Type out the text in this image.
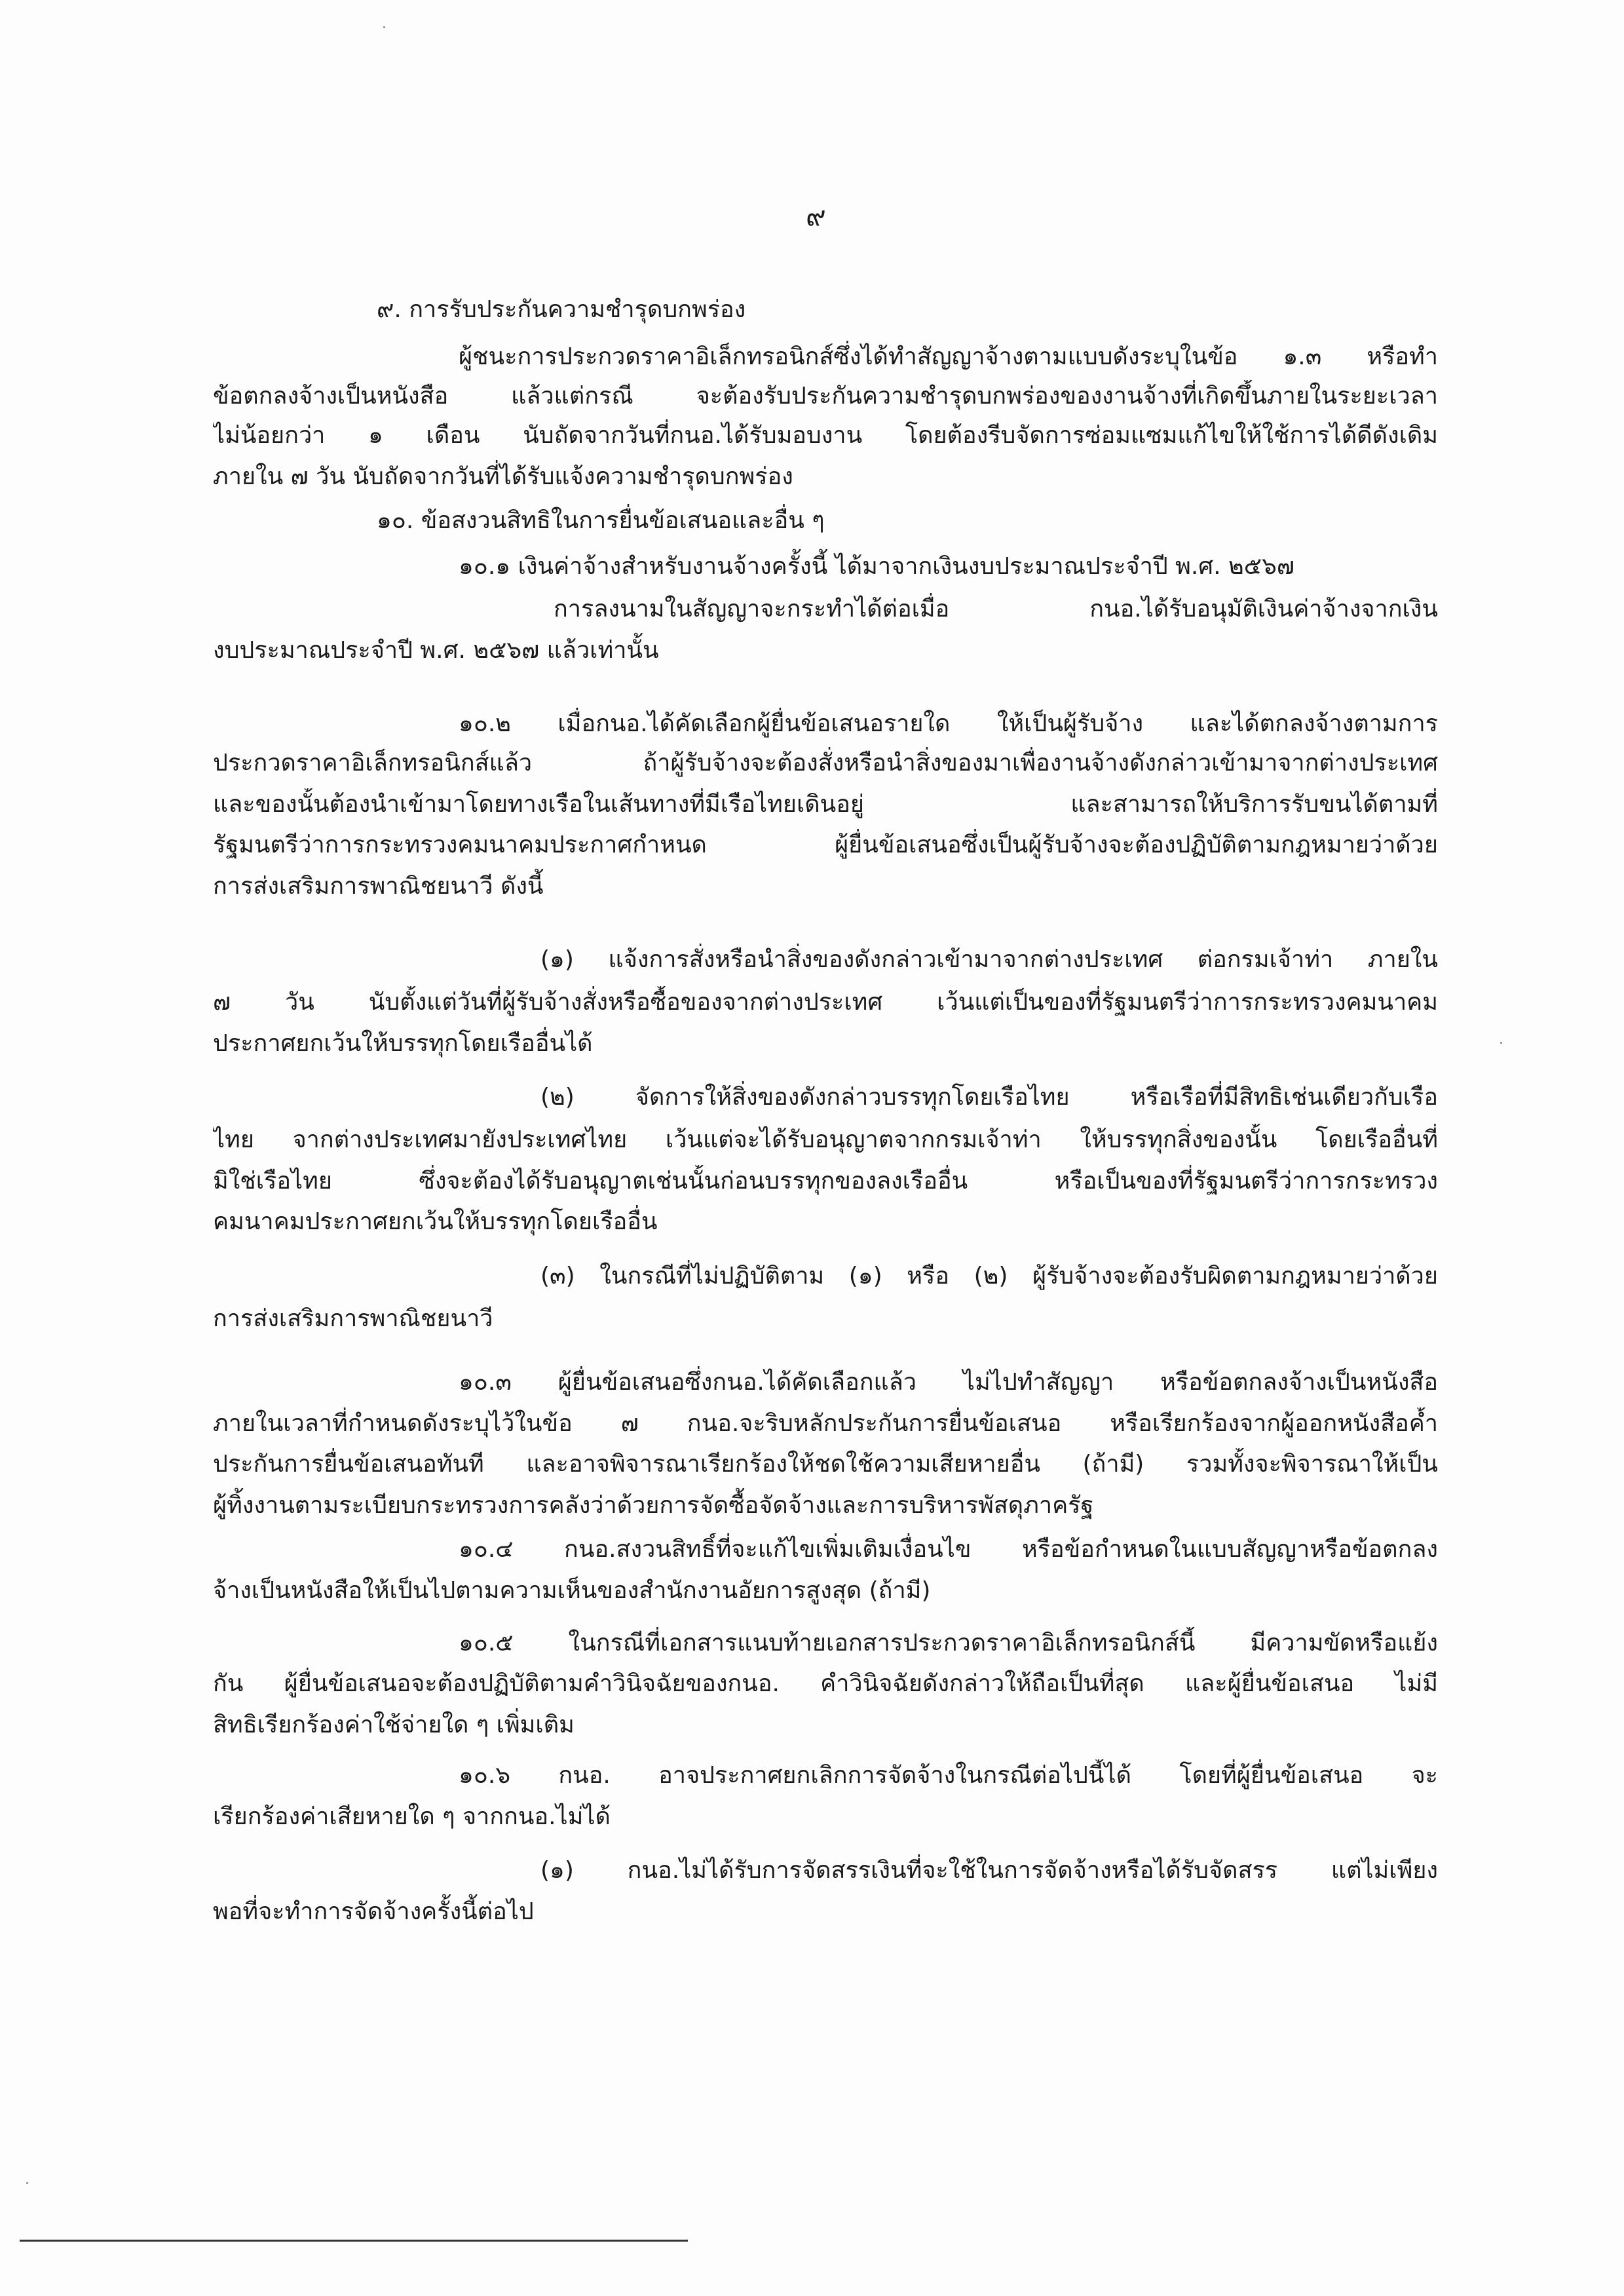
๙
๙. การรับประกันความชำรุดบกพร่อง
ผู้ชนะการประกวดราคาอิเล็กทรอนิกส์ซึ่งได้ทำสัญญาจ้างตามแบบดังระบุในข้อ ๑.๓ หรือทำ
ข้อตกลงจ้างเป็นหนังสือ แล้วแต่กรณี จะต้องรับประกันความชำรุดบกพร่องของงานจ้างที่เกิดขึ้นภายในระยะเวลา
ไม่น้อยกว่า ๑ เดือน นับถัดจากวันที่กนอ.ได้รับมอบงาน โดยต้องรีบจัดการซ่อมแซมแก้ไขให้ใช้การได้ดีดังเดิม
ภายใน ๗ วัน นับถัดจากวันที่ได้รับแจ้งความชำรุดบกพร่อง
๑๐. ข้อสงวนสิทธิในการยื่นข้อเสนอและอื่น ๆ
๑๐.๑ เงินค่าจ้างสำหรับงานจ้างครั้งนี้ ได้มาจากเงินงบประมาณประจำปี พ.ศ. ๒๕๖๗
การลงนามในสัญญาจะกระทำได้ต่อเมื่อ กนอ.ได้รับอนุมัติเงินค่าจ้างจากเงิน
งบประมาณประจำปี พ.ศ. ๒๕๖๗ แล้วเท่านั้น
๑๐.๒ เมื่อกนอ.ได้คัดเลือกผู้ยื่นข้อเสนอรายใด ให้เป็นผู้รับจ้าง และได้ตกลงจ้างตามการ
ประกวดราคาอิเล็กทรอนิกส์แล้ว ถ้าผู้รับจ้างจะต้องสั่งหรือนำสิ่งของมาเพื่องานจ้างดังกล่าวเข้ามาจากต่างประเทศ
และของนั้นต้องนำเข้ามาโดยทางเรือในเส้นทางที่มีเรือไทยเดินอยู่ และสามารถให้บริการรับขนได้ตามที่
รัฐมนตรีว่าการกระทรวงคมนาคมประกาศกำหนด ผู้ยื่นข้อเสนอซึ่งเป็นผู้รับจ้างจะต้องปฏิบัติตามกฎหมายว่าด้วย
การส่งเสริมการพาณิชยนาวี ดังนี้
(๑) แจ้งการสั่งหรือนำสิ่งของดังกล่าวเข้ามาจากต่างประเทศ ต่อกรมเจ้าท่า ภายใน
๗ วัน นับตั้งแต่วันที่ผู้รับจ้างสั่งหรือซื้อของจากต่างประเทศ เว้นแต่เป็นของที่รัฐมนตรีว่าการกระทรวงคมนาคม
ประกาศยกเว้นให้บรรทุกโดยเรืออื่นได้
(๒) จัดการให้สิ่งของดังกล่าวบรรทุกโดยเรือไทย หรือเรือที่มีสิทธิเช่นเดียวกับเรือ
ไทย จากต่างประเทศมายังประเทศไทย เว้นแต่จะได้รับอนุญาตจากกรมเจ้าท่า ให้บรรทุกสิ่งของนั้น โดยเรืออื่นที่
มิใช่เรือไทย ซึ่งจะต้องได้รับอนุญาตเช่นนั้นก่อนบรรทุกของลงเรืออื่น หรือเป็นของที่รัฐมนตรีว่าการกระทรวง
คมนาคมประกาศยกเว้นให้บรรทุกโดยเรืออื่น
(๓) ในกรณีที่ไม่ปฏิบัติตาม (๑) หรือ (๒) ผู้รับจ้างจะต้องรับผิดตามกฎหมายว่าด้วย
การส่งเสริมการพาณิชยนาวี
๑๐.๓ ผู้ยื่นข้อเสนอซึ่งกนอ.ได้คัดเลือกแล้ว ไม่ไปทำสัญญา หรือข้อตกลงจ้างเป็นหนังสือ
ภายในเวลาที่กำหนดดังระบุไว้ในข้อ ๗ กนอ.จะริบหลักประกันการยื่นข้อเสนอ หรือเรียกร้องจากผู้ออกหนังสือค้ำ
ประกันการยื่นข้อเสนอทันที และอาจพิจารณาเรียกร้องให้ชดใช้ความเสียหายอื่น (ถ้ามี) รวมทั้งจะพิจารณาให้เป็น
ผู้ทิ้งงานตามระเบียบกระทรวงการคลังว่าด้วยการจัดซื้อจัดจ้างและการบริหารพัสดุภาครัฐ
๑๐.๔ กนอ.สงวนสิทธิ์ที่จะแก้ไขเพิ่มเติมเงื่อนไข หรือข้อกำหนดในแบบสัญญาหรือข้อตกลง
จ้างเป็นหนังสือให้เป็นไปตามความเห็นของสำนักงานอัยการสูงสุด (ถ้ามี)
๑๐.๕ ในกรณีที่เอกสารแนบท้ายเอกสารประกวดราคาอิเล็กทรอนิกส์นี้ มีความขัดหรือแย้ง
กัน ผู้ยื่นข้อเสนอจะต้องปฏิบัติตามคำวินิจฉัยของกนอ. คำวินิจฉัยดังกล่าวให้ถือเป็นที่สุด และผู้ยื่นข้อเสนอ ไม่มี
สิทธิเรียกร้องค่าใช้จ่ายใด ๆ เพิ่มเติม
๑๐.๖ กนอ. อาจประกาศยกเลิกการจัดจ้างในกรณีต่อไปนี้ได้ โดยที่ผู้ยื่นข้อเสนอ จะ
เรียกร้องค่าเสียหายใด ๆ จากกนอ.ไม่ได้
(๑) กนอ.ไม่ได้รับการจัดสรรเงินที่จะใช้ในการจัดจ้างหรือได้รับจัดสรร แต่ไม่เพียง
พอที่จะทำการจัดจ้างครั้งนี้ต่อไป
